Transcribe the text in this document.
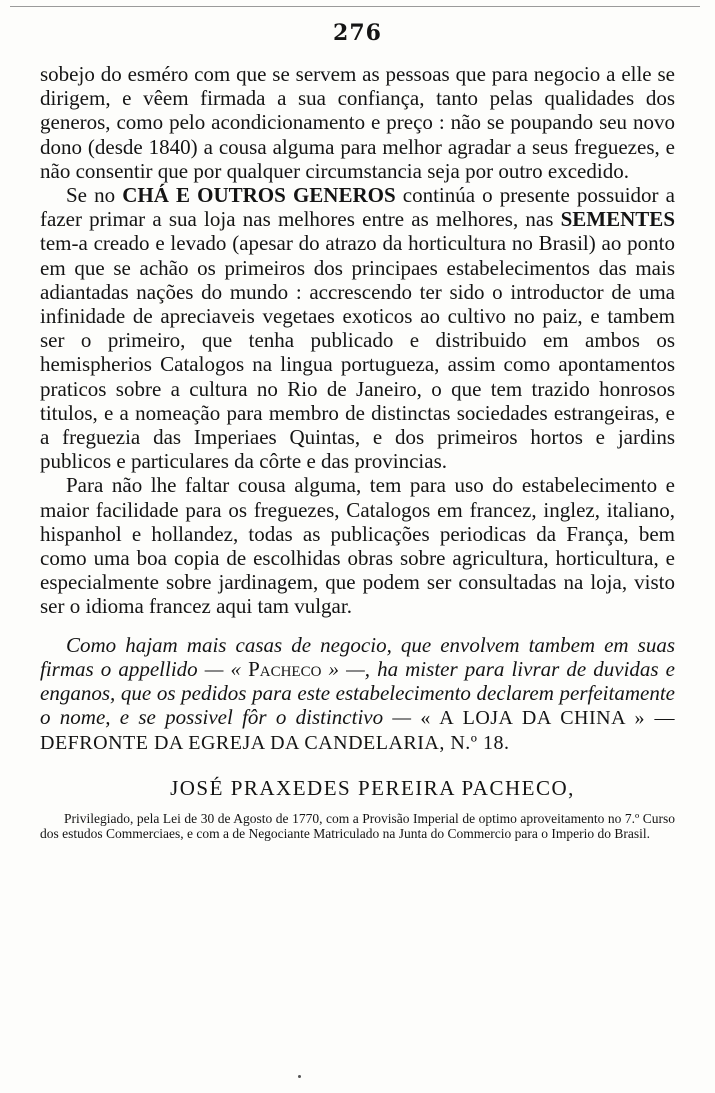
276

sobejo do esméro com que se servem as pessoas que para negocio a elle se dirigem, e vêem firmada a sua confiança, tanto pelas qualidades dos generos, como pelo acondicionamento e preço : não se poupando seu novo dono (desde 1840) a cousa alguma para melhor agradar a seus freguezes, e não consentir que por qualquer circumstancia seja por outro excedido.

Se no CHÁ E OUTROS GENEROS continúa o presente possuidor a fazer primar a sua loja nas melhores entre as melhores, nas SEMENTES tem-a creado e levado (apesar do atrazo da horticultura no Brasil) ao ponto em que se achão os primeiros dos principaes estabelecimentos das mais adiantadas nações do mundo : accrescendo ter sido o introductor de uma infinidade de apreciaveis vegetaes exoticos ao cultivo no paiz, e tambem ser o primeiro, que tenha publicado e distribuido em ambos os hemispherios Catalogos na lingua portugueza, assim como apontamentos praticos sobre a cultura no Rio de Janeiro, o que tem trazido honrosos titulos, e a nomeação para membro de distinctas sociedades estrangeiras, e a freguezia das Imperiaes Quintas, e dos primeiros hortos e jardins publicos e particulares da côrte e das provincias.

Para não lhe faltar cousa alguma, tem para uso do estabelecimento e maior facilidade para os freguezes, Catalogos em francez, inglez, italiano, hispanhol e hollandez, todas as publicações periodicas da França, bem como uma boa copia de escolhidas obras sobre agricultura, horticultura, e especialmente sobre jardinagem, que podem ser consultadas na loja, visto ser o idioma francez aqui tam vulgar.

Como hajam mais casas de negocio, que envolvem tambem em suas firmas o appellido — « Pacheco » —, ha mister para livrar de duvidas e enganos, que os pedidos para este estabelecimento declarem perfeitamente o nome, e se possivel fôr o distinctivo — « A LOJA DA CHINA » — DEFRONTE DA EGREJA DA CANDELARIA, N.º 18.

JOSÉ PRAXEDES PEREIRA PACHECO,

Privilegiado, pela Lei de 30 de Agosto de 1770, com a Provisão Imperial de optimo aproveitamento no 7.º Curso dos estudos Commerciaes, e com a de Negociante Matriculado na Junta do Commercio para o Imperio do Brasil.
